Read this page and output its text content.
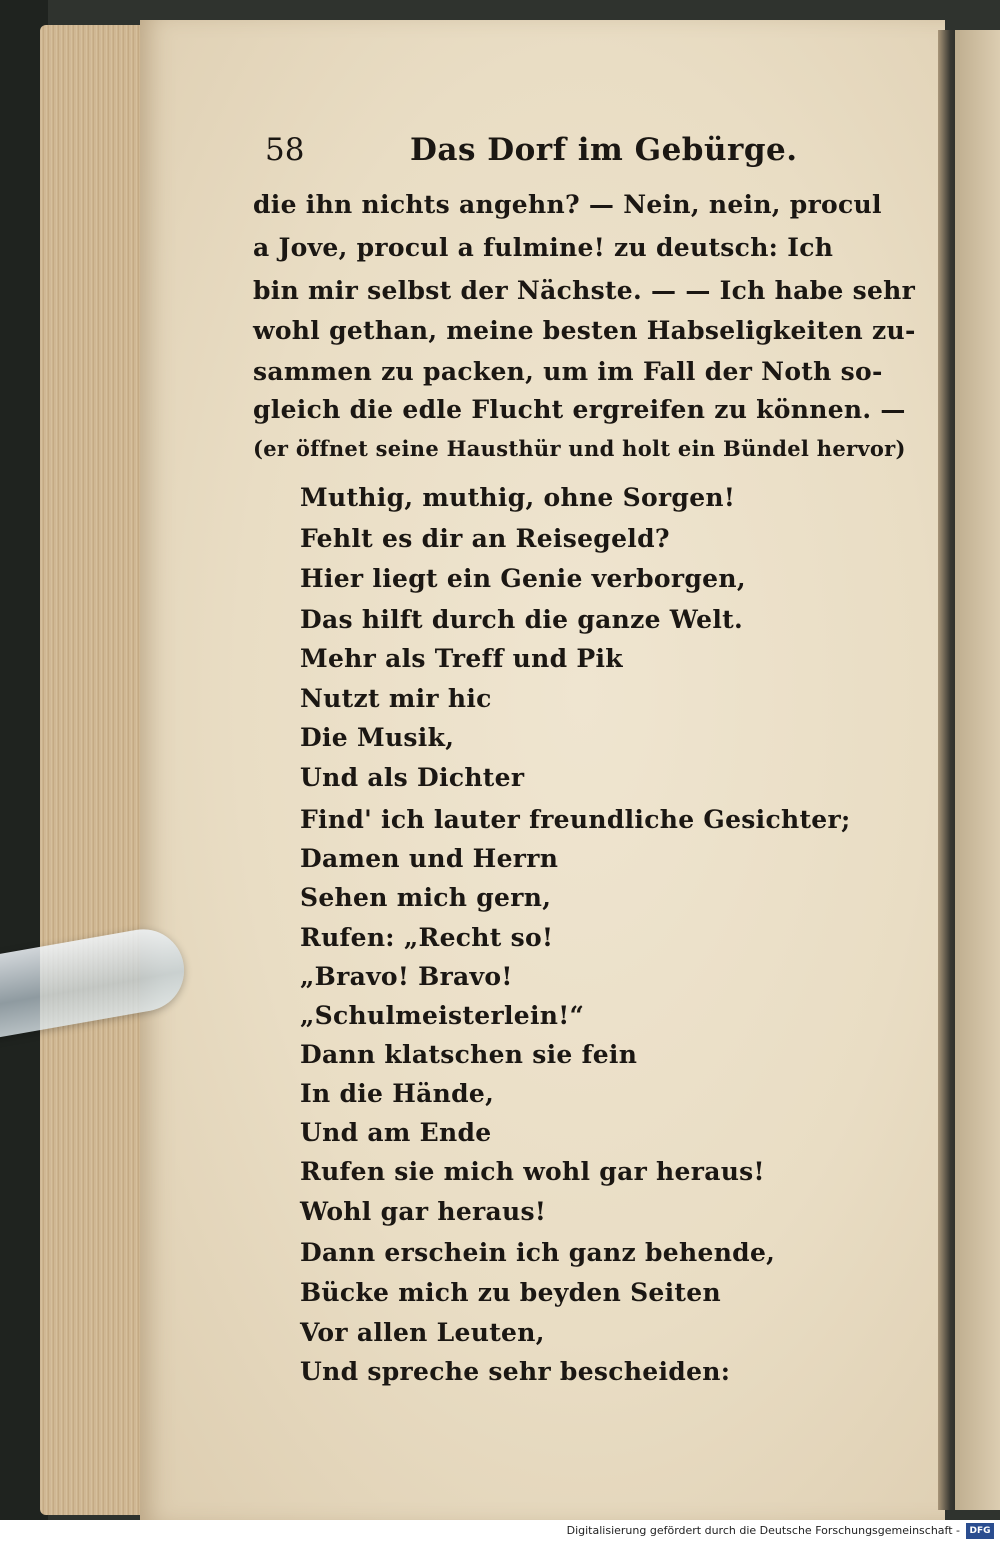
58	Das Dorf im Gebürge.
die ihn nichts angehn? — Nein, nein, procul
a Jove, procul a fulmine! zu deutsch: Ich
bin mir selbst der Nächste. — — Ich habe sehr
wohl gethan, meine besten Habseligkeiten zu-
sammen zu packen, um im Fall der Noth so-
gleich die edle Flucht ergreifen zu können. —
(er öffnet seine Hausthür und holt ein Bündel hervor)
Muthig, muthig, ohne Sorgen!
Fehlt es dir an Reisegeld?
Hier liegt ein Genie verborgen,
Das hilft durch die ganze Welt.
Mehr als Treff und Pik
Nutzt mir hic
Die Musik,
Und als Dichter
Find' ich lauter freundliche Gesichter;
Damen und Herrn
Sehen mich gern,
Rufen: „Recht so!
„Bravo! Bravo!
„Schulmeisterlein!“
Dann klatschen sie fein
In die Hände,
Und am Ende
Rufen sie mich wohl gar heraus!
Wohl gar heraus!
Dann erschein ich ganz behende,
Bücke mich zu beyden Seiten
Vor allen Leuten,
Und spreche sehr bescheiden:
Digitalisierung gefördert durch die Deutsche Forschungsgemeinschaft -	DFG
